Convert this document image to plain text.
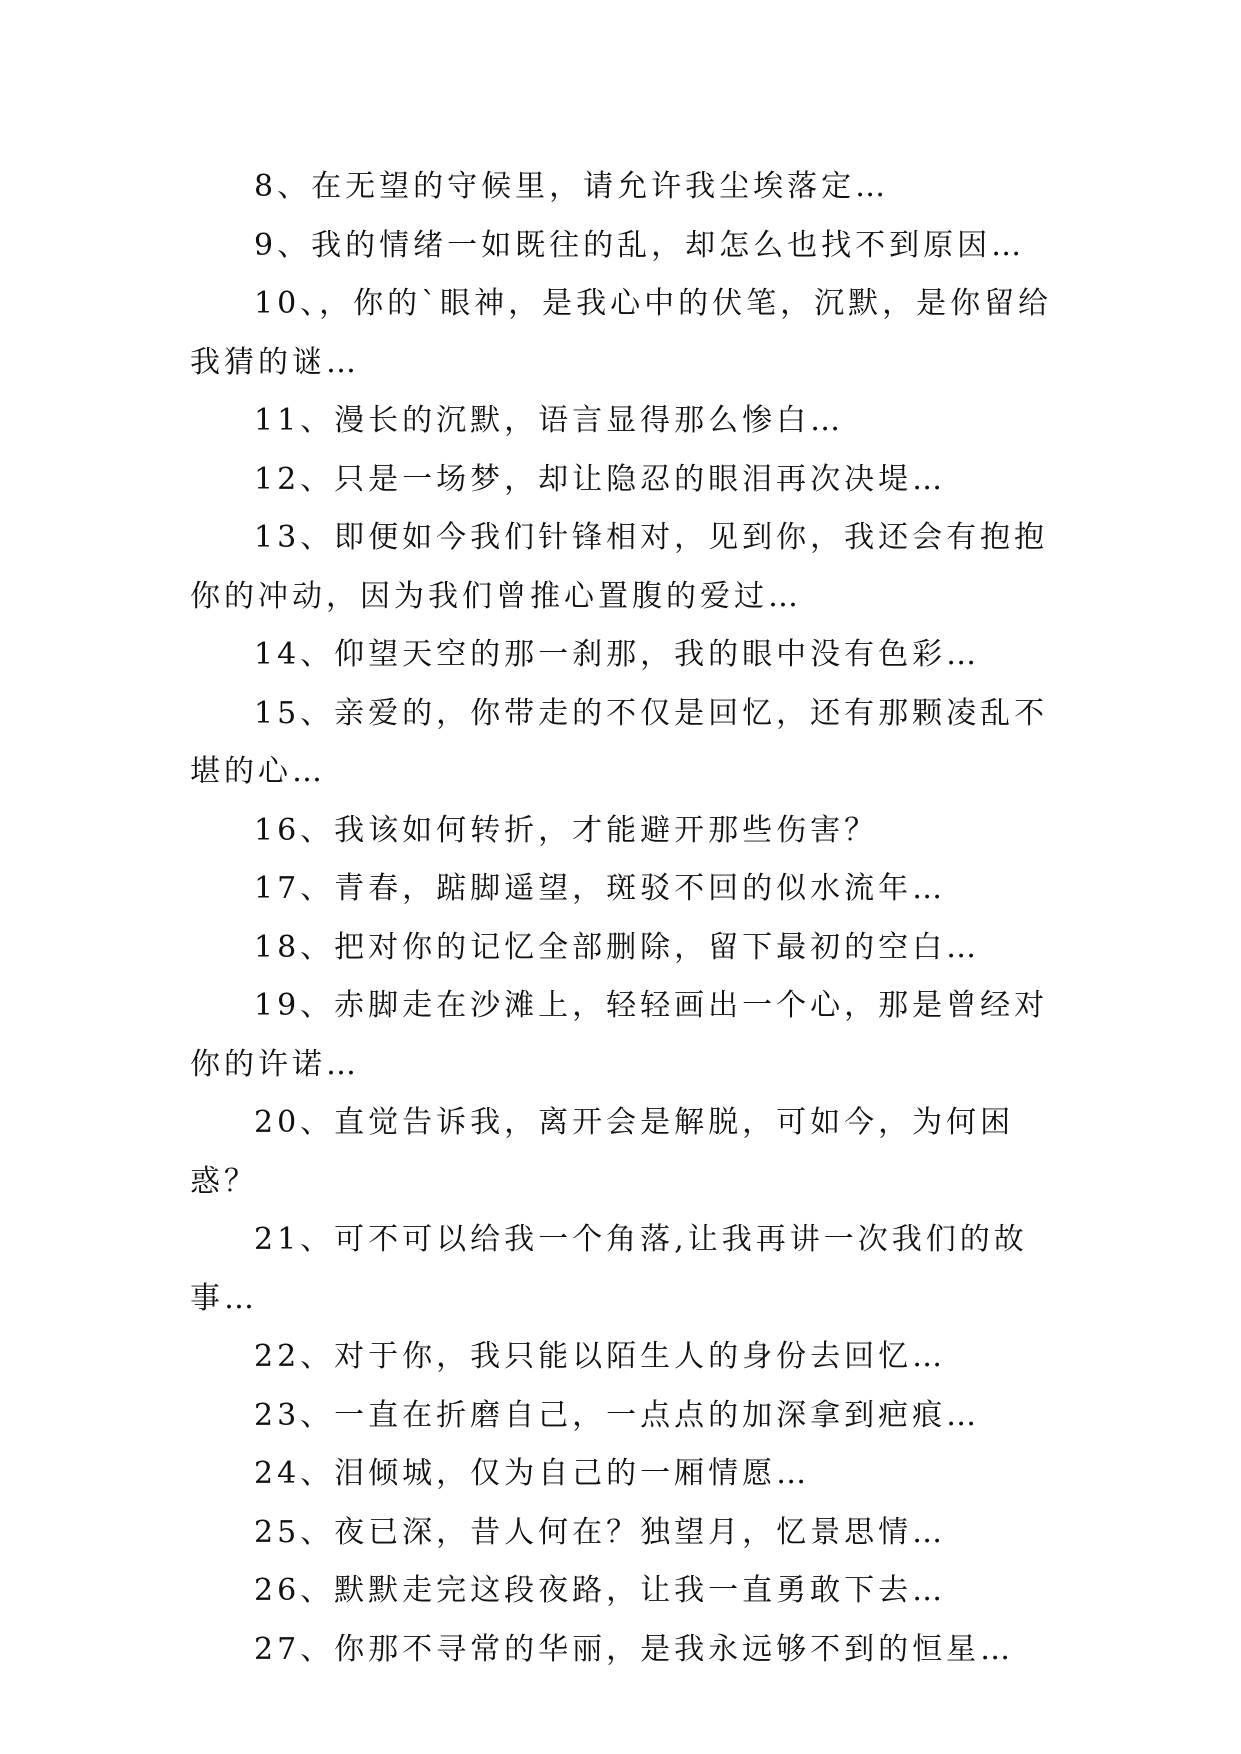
8、在无望的守候里，请允许我尘埃落定…

9、我的情绪一如既往的乱，却怎么也找不到原因…

10、，你的`眼神，是我心中的伏笔，沉默，是你留给我猜的谜…

11、漫长的沉默，语言显得那么惨白…

12、只是一场梦，却让隐忍的眼泪再次决堤…

13、即便如今我们针锋相对，见到你，我还会有抱抱你的冲动，因为我们曾推心置腹的爱过…

14、仰望天空的那一刹那，我的眼中没有色彩…

15、亲爱的，你带走的不仅是回忆，还有那颗凌乱不堪的心…

16、我该如何转折，才能避开那些伤害？

17、青春，踮脚遥望，斑驳不回的似水流年…

18、把对你的记忆全部删除，留下最初的空白…

19、赤脚走在沙滩上，轻轻画出一个心，那是曾经对你的许诺…

20、直觉告诉我，离开会是解脱，可如今，为何困惑？

21、可不可以给我一个角落,让我再讲一次我们的故事…

22、对于你，我只能以陌生人的身份去回忆…

23、一直在折磨自己，一点点的加深拿到疤痕…

24、泪倾城，仅为自己的一厢情愿…

25、夜已深，昔人何在？独望月，忆景思情…

26、默默走完这段夜路，让我一直勇敢下去…

27、你那不寻常的华丽，是我永远够不到的恒星…
